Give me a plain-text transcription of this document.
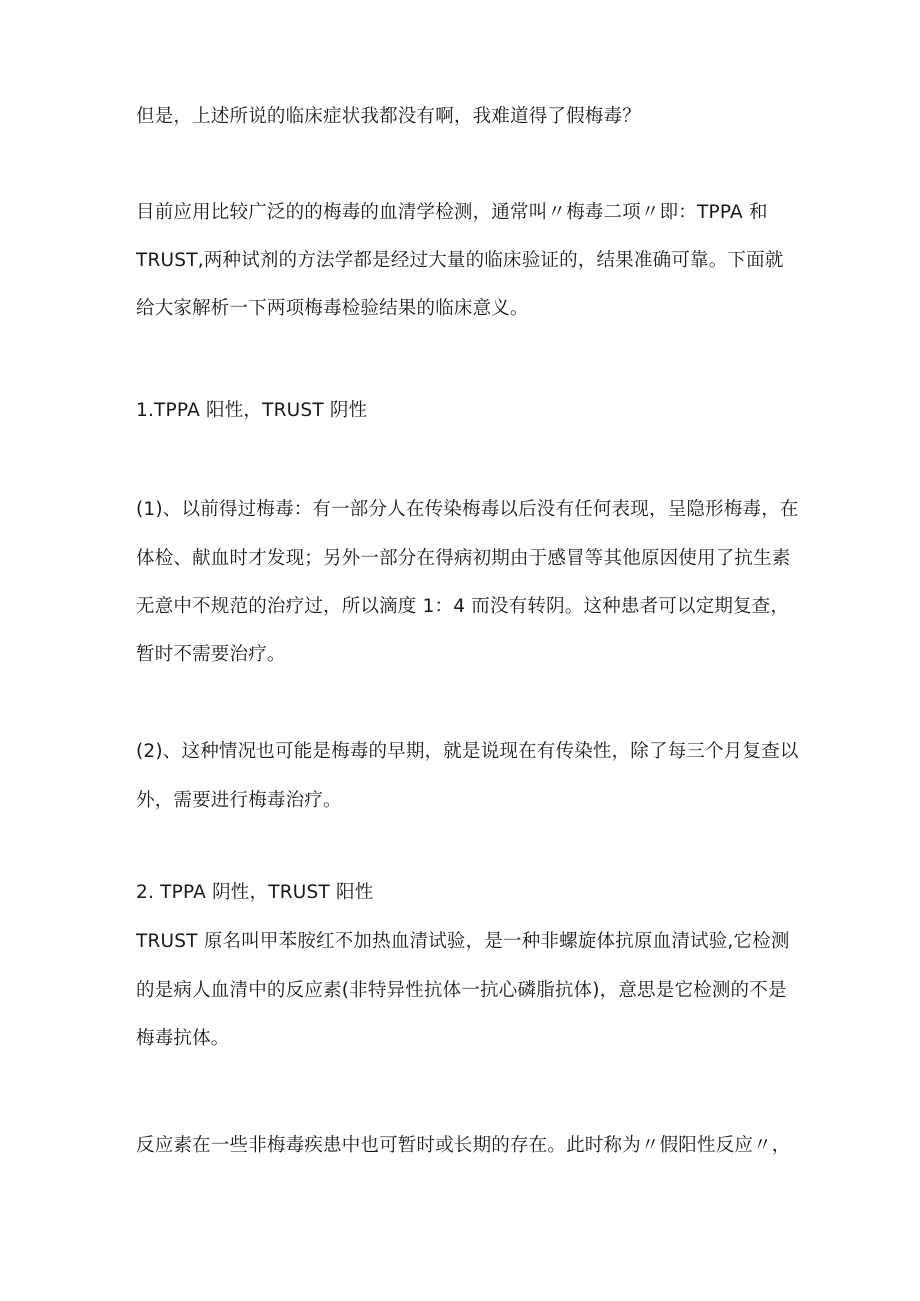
但是，上述所说的临床症状我都没有啊，我难道得了假梅毒？

目前应用比较广泛的的梅毒的血清学检测，通常叫〃梅毒二项〃即：TPPA 和

TRUST,两种试剂的方法学都是经过大量的临床验证的，结果准确可靠。下面就

给大家解析一下两项梅毒检验结果的临床意义。

1.TPPA 阳性，TRUST 阴性

(1)、以前得过梅毒：有一部分人在传染梅毒以后没有任何表现，呈隐形梅毒，在

体检、献血时才发现；另外一部分在得病初期由于感冒等其他原因使用了抗生素

无意中不规范的治疗过，所以滴度 1：4 而没有转阴。这种患者可以定期复查，

暂时不需要治疗。

(2)、这种情况也可能是梅毒的早期，就是说现在有传染性，除了每三个月复查以

外，需要进行梅毒治疗。

2. TPPA 阴性，TRUST 阳性

TRUST 原名叫甲苯胺红不加热血清试验，是一种非螺旋体抗原血清试验,它检测

的是病人血清中的反应素(非特异性抗体一抗心磷脂抗体)，意思是它检测的不是

梅毒抗体。

反应素在一些非梅毒疾患中也可暂时或长期的存在。此时称为〃假阳性反应〃，
